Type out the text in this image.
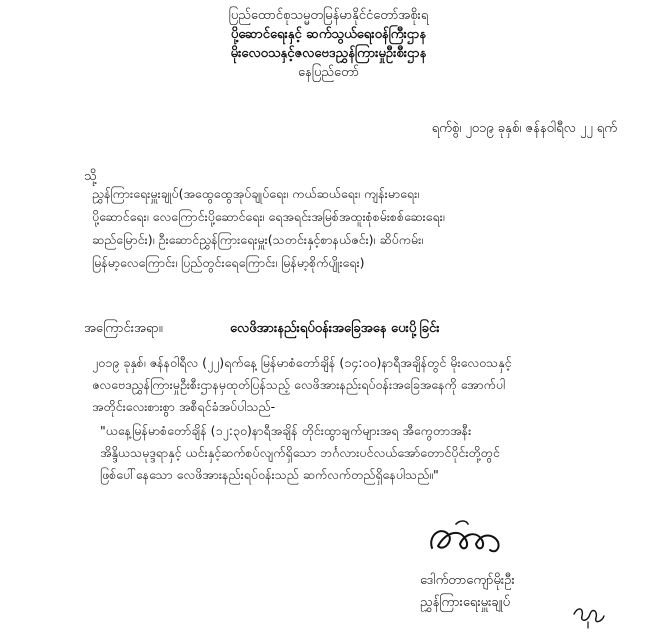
ပြည်ထောင်စုသမ္မတမြန်မာနိုင်ငံတော်အစိုးရ
ပို့ဆောင်ရေးနှင့် ဆက်သွယ်ရေးဝန်ကြီးဌာန
မိုးလေဝသနှင့်ဇလဗေဒညွှန်ကြားမှုဦးစီးဌာန
နေပြည်တော်
ရက်စွဲ၊ ၂၀၁၉ ခုနှစ်၊ ဇန်နဝါရီလ ၂၂ ရက်
သို့
ညွှန်ကြားရေးမှူးချုပ်(အထွေထွေအုပ်ချုပ်ရေး၊ ကယ်ဆယ်ရေး၊ ကျန်းမာရေး၊
ပို့ဆောင်ရေး၊ လေကြောင်းပို့ဆောင်ရေး၊ ရေအရင်းအမြစ်အထူးစုံစမ်းစစ်ဆေးရေး၊
ဆည်မြောင်း)၊ ဦးဆောင်ညွှန်ကြားရေးမှူး(သတင်းနှင့်စာနယ်ဇင်း)၊ ဆိပ်ကမ်း၊
မြန်မာ့လေကြောင်း၊ ပြည်တွင်းရေကြောင်း၊ မြန်မာ့စိုက်ပျိုးရေး)
အကြောင်းအရာ။	လေဖိအားနည်းရပ်ဝန်းအခြေအနေ ပေးပို့ခြင်း
၂၀၁၉ ခုနှစ်၊ ဇန်နဝါရီလ (၂၂)ရက်နေ့ မြန်မာစံတော်ချိန် (၁၄:၀၀)နာရီအချိန်တွင် မိုးလေဝသနှင့်
ဇလဗေဒညွှန်ကြားမှုဦးစီးဌာနမှထုတ်ပြန်သည့် လေဖိအားနည်းရပ်ဝန်းအခြေအနေကို အောက်ပါ
အတိုင်းလေးစားစွာ အစီရင်ခံအပ်ပါသည်-
"ယနေ့မြန်မာစံတော်ချိန် (၁၂:၃၀)နာရီအချိန် တိုင်းထွာချက်များအရ အီကွေတာအနီး
အိန္ဒိယသမုဒ္ဒရာနှင့် ယင်းနှင့်ဆက်စပ်လျက်ရှိသော ဘင်္ဂလားပင်လယ်အော်တောင်ပိုင်းတို့တွင်
ဖြစ်ပေါ်နေသော လေဖိအားနည်းရပ်ဝန်းသည် ဆက်လက်တည်ရှိနေပါသည်။"
ဒေါက်တာကျော်မိုးဦး
ညွှန်ကြားရေးမှူးချုပ်
